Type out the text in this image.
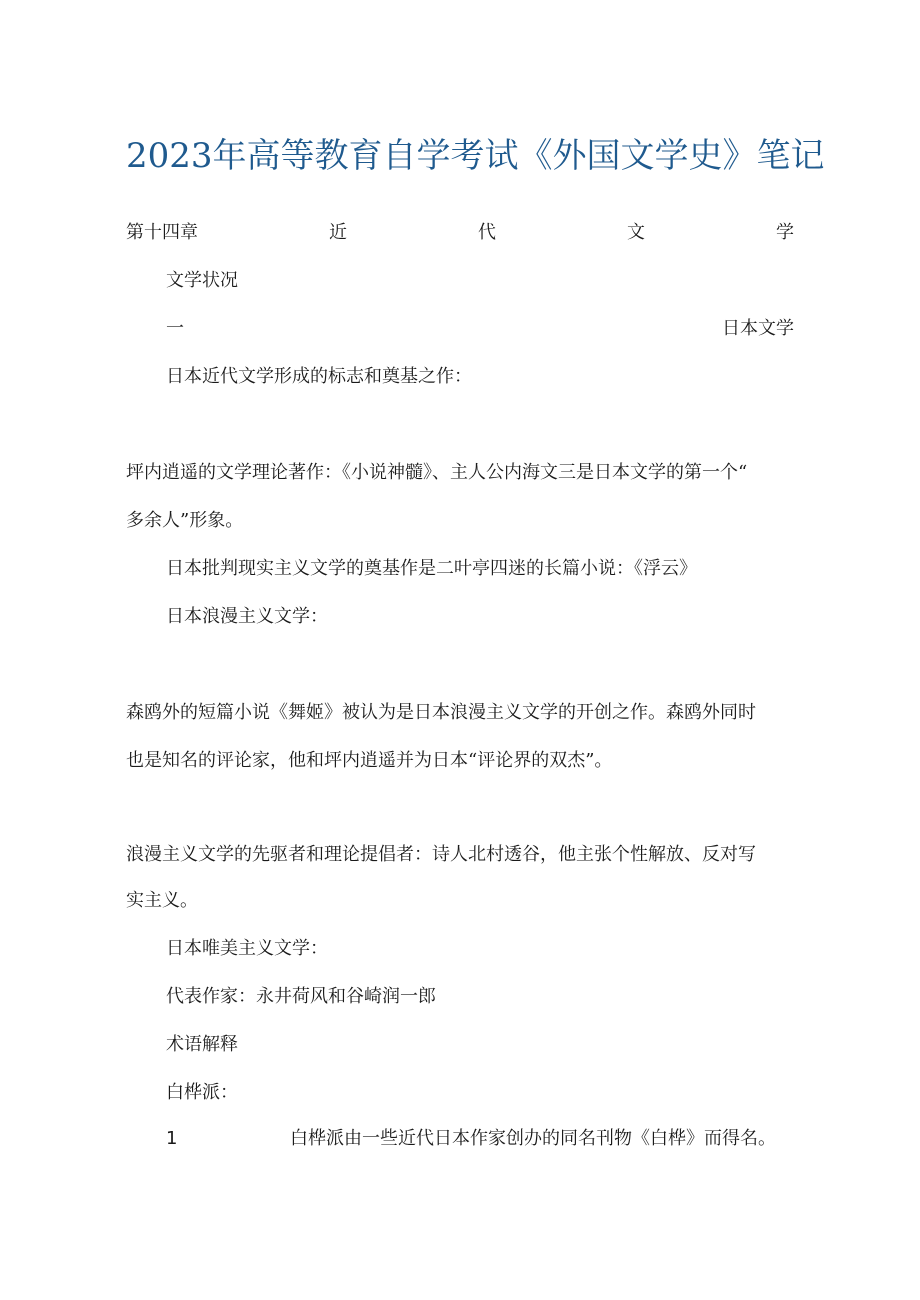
2023年高等教育自学考试《外国文学史》笔记
第十四章	近	代	文	学
文学状况
一	日本文学
日本近代文学形成的标志和奠基之作：
坪内逍遥的文学理论著作：《小说神髓》、主人公内海文三是日本文学的第一个“
多余人”形象。
日本批判现实主义文学的奠基作是二叶亭四迷的长篇小说：《浮云》
日本浪漫主义文学：
森鸥外的短篇小说《舞姬》被认为是日本浪漫主义文学的开创之作。森鸥外同时
也是知名的评论家，他和坪内逍遥并为日本“评论界的双杰”。
浪漫主义文学的先驱者和理论提倡者：诗人北村透谷，他主张个性解放、反对写
实主义。
日本唯美主义文学：
代表作家：永井荷风和谷崎润一郎
术语解释
白桦派：
1	白桦派由一些近代日本作家创办的同名刊物《白桦》而得名。
